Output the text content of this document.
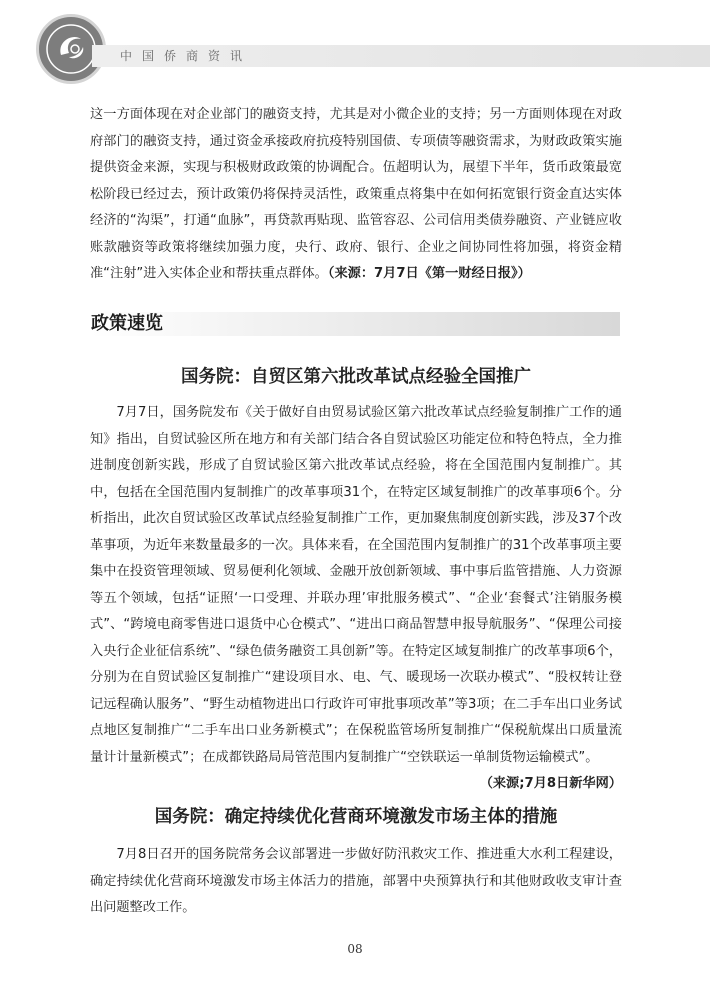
中国侨商资讯

这一方面体现在对企业部门的融资支持，尤其是对小微企业的支持；另一方面则体现在对政府部门的融资支持，通过资金承接政府抗疫特别国债、专项债等融资需求，为财政政策实施提供资金来源，实现与积极财政政策的协调配合。伍超明认为，展望下半年，货币政策最宽松阶段已经过去，预计政策仍将保持灵活性，政策重点将集中在如何拓宽银行资金直达实体经济的“沟渠”，打通“血脉”，再贷款再贴现、监管容忍、公司信用类债券融资、产业链应收账款融资等政策将继续加强力度，央行、政府、银行、企业之间协同性将加强，将资金精准“注射”进入实体企业和帮扶重点群体。（来源：7月7日《第一财经日报》）

政策速览
国务院：自贸区第六批改革试点经验全国推广

7月7日，国务院发布《关于做好自由贸易试验区第六批改革试点经验复制推广工作的通知》指出，自贸试验区所在地方和有关部门结合各自贸试验区功能定位和特色特点，全力推进制度创新实践，形成了自贸试验区第六批改革试点经验，将在全国范围内复制推广。其中，包括在全国范围内复制推广的改革事项31个，在特定区域复制推广的改革事项6个。分析指出，此次自贸试验区改革试点经验复制推广工作，更加聚焦制度创新实践，涉及37个改革事项，为近年来数量最多的一次。具体来看，在全国范围内复制推广的31个改革事项主要集中在投资管理领域、贸易便利化领域、金融开放创新领域、事中事后监管措施、人力资源等五个领域，包括“证照‘一口受理、并联办理’审批服务模式”、“企业‘套餐式’注销服务模式”、“跨境电商零售进口退货中心仓模式”、“进出口商品智慧申报导航服务”、“保理公司接入央行企业征信系统”、“绿色债务融资工具创新”等。在特定区域复制推广的改革事项6个，分别为在自贸试验区复制推广“建设项目水、电、气、暖现场一次联办模式”、“股权转让登记远程确认服务”、“野生动植物进出口行政许可审批事项改革”等3项；在二手车出口业务试点地区复制推广“二手车出口业务新模式”；在保税监管场所复制推广“保税航煤出口质量流量计计量新模式”；在成都铁路局局管范围内复制推广“空铁联运一单制货物运输模式”。
（来源;7月8日新华网）

国务院：确定持续优化营商环境激发市场主体的措施

7月8日召开的国务院常务会议部署进一步做好防汛救灾工作、推进重大水利工程建设，确定持续优化营商环境激发市场主体活力的措施，部署中央预算执行和其他财政收支审计查出问题整改工作。

08
